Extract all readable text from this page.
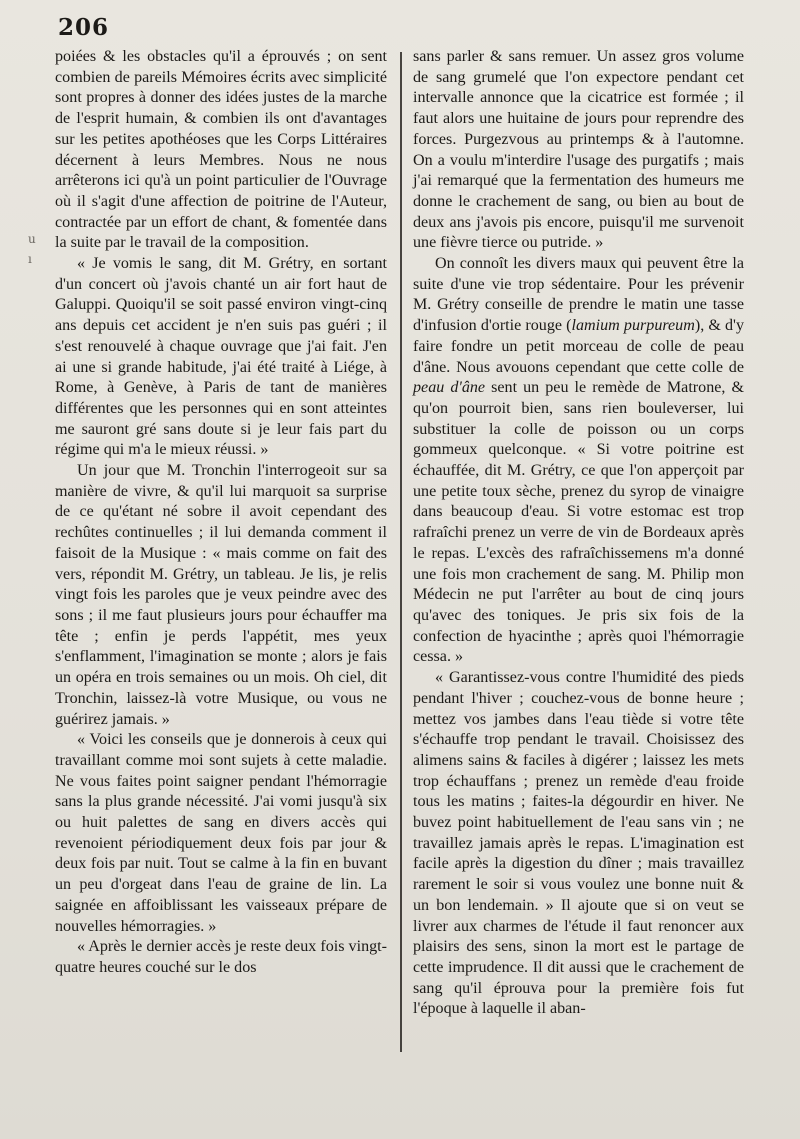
206
u
ı

poiées & les obstacles qu'il a éprouvés ; on sent combien de pareils Mémoires écrits avec simplicité sont propres à donner des idées justes de la marche de l'esprit humain, & combien ils ont d'avantages sur les petites apothéoses que les Corps Littéraires décernent à leurs Membres. Nous ne nous arrêterons ici qu'à un point particulier de l'Ouvrage où il s'agit d'une affection de poitrine de l'Auteur, contractée par un effort de chant, & fomentée dans la suite par le travail de la composition.

« Je vomis le sang, dit M. Grétry, en sortant d'un concert où j'avois chanté un air fort haut de Galuppi. Quoiqu'il se soit passé environ vingt-cinq ans depuis cet accident je n'en suis pas guéri ; il s'est renouvelé à chaque ouvrage que j'ai fait. J'en ai une si grande habitude, j'ai été traité à Liége, à Rome, à Genève, à Paris de tant de manières différentes que les personnes qui en sont atteintes me sauront gré sans doute si je leur fais part du régime qui m'a le mieux réussi. »

Un jour que M. Tronchin l'interrogeoit sur sa manière de vivre, & qu'il lui marquoit sa surprise de ce qu'étant né sobre il avoit cependant des rechûtes continuelles ; il lui demanda comment il faisoit de la Musique : « mais comme on fait des vers, répondit M. Grétry, un tableau. Je lis, je relis vingt fois les paroles que je veux peindre avec des sons ; il me faut plusieurs jours pour échauffer ma tête ; enfin je perds l'appétit, mes yeux s'enflamment, l'imagination se monte ; alors je fais un opéra en trois semaines ou un mois. Oh ciel, dit Tronchin, laissez-là votre Musique, ou vous ne guérirez jamais. »

« Voici les conseils que je donnerois à ceux qui travaillant comme moi sont sujets à cette maladie. Ne vous faites point saigner pendant l'hémorragie sans la plus grande nécessité. J'ai vomi jusqu'à six ou huit palettes de sang en divers accès qui revenoient périodiquement deux fois par jour & deux fois par nuit. Tout se calme à la fin en buvant un peu d'orgeat dans l'eau de graine de lin. La saignée en affoiblissant les vaisseaux prépare de nouvelles hémorragies. »

« Après le dernier accès je reste deux fois vingt-quatre heures couché sur le dos

sans parler & sans remuer. Un assez gros volume de sang grumelé que l'on expectore pendant cet intervalle annonce que la cicatrice est formée ; il faut alors une huitaine de jours pour reprendre des forces. Purgezvous au printemps & à l'automne. On a voulu m'interdire l'usage des purgatifs ; mais j'ai remarqué que la fermentation des humeurs me donne le crachement de sang, ou bien au bout de deux ans j'avois pis encore, puisqu'il me survenoit une fièvre tierce ou putride. »

On connoît les divers maux qui peuvent être la suite d'une vie trop sédentaire. Pour les prévenir M. Grétry conseille de prendre le matin une tasse d'infusion d'ortie rouge (lamium purpureum), & d'y faire fondre un petit morceau de colle de peau d'âne. Nous avouons cependant que cette colle de peau d'âne sent un peu le remède de Matrone, & qu'on pourroit bien, sans rien bouleverser, lui substituer la colle de poisson ou un corps gommeux quelconque. « Si votre poitrine est échauffée, dit M. Grétry, ce que l'on apperçoit par une petite toux sèche, prenez du syrop de vinaigre dans beaucoup d'eau. Si votre estomac est trop rafraîchi prenez un verre de vin de Bordeaux après le repas. L'excès des rafraîchissemens m'a donné une fois mon crachement de sang. M. Philip mon Médecin ne put l'arrêter au bout de cinq jours qu'avec des toniques. Je pris six fois de la confection de hyacinthe ; après quoi l'hémorragie cessa. »

« Garantissez-vous contre l'humidité des pieds pendant l'hiver ; couchez-vous de bonne heure ; mettez vos jambes dans l'eau tiède si votre tête s'échauffe trop pendant le travail. Choisissez des alimens sains & faciles à digérer ; laissez les mets trop échauffans ; prenez un remède d'eau froide tous les matins ; faites-la dégourdir en hiver. Ne buvez point habituellement de l'eau sans vin ; ne travaillez jamais après le repas. L'imagination est facile après la digestion du dîner ; mais travaillez rarement le soir si vous voulez une bonne nuit & un bon lendemain. » Il ajoute que si on veut se livrer aux charmes de l'étude il faut renoncer aux plaisirs des sens, sinon la mort est le partage de cette imprudence. Il dit aussi que le crachement de sang qu'il éprouva pour la première fois fut l'époque à laquelle il aban-
